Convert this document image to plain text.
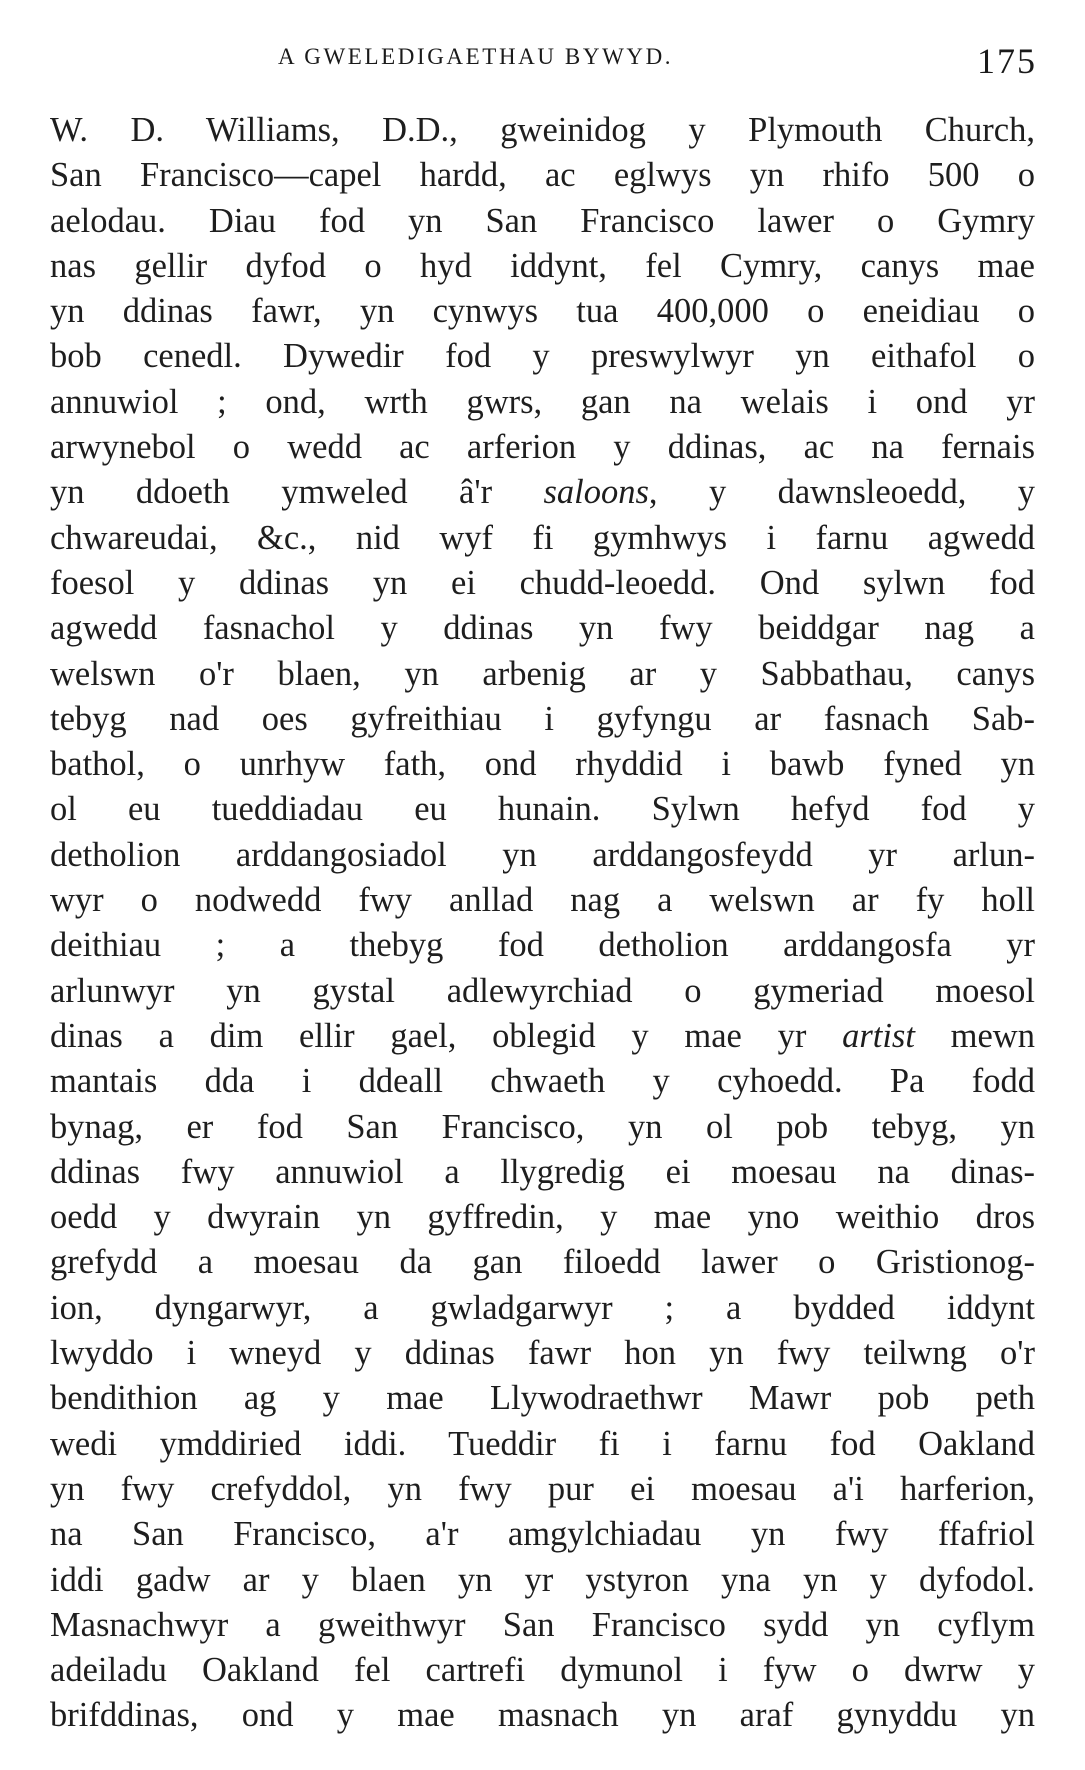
A GWELEDIGAETHAU BYWYD.	175
W. D. Williams, D.D., gweinidog y Plymouth Church,
San Francisco—capel hardd, ac eglwys yn rhifo 500 o
aelodau. Diau fod yn San Francisco lawer o Gymry
nas gellir dyfod o hyd iddynt, fel Cymry, canys mae
yn ddinas fawr, yn cynwys tua 400,000 o eneidiau o
bob cenedl. Dywedir fod y preswylwyr yn eithafol o
annuwiol ; ond, wrth gwrs, gan na welais i ond yr
arwynebol o wedd ac arferion y ddinas, ac na fernais
yn ddoeth ymweled â'r saloons, y dawnsleoedd, y
chwareudai, &c., nid wyf fi gymhwys i farnu agwedd
foesol y ddinas yn ei chudd-leoedd. Ond sylwn fod
agwedd fasnachol y ddinas yn fwy beiddgar nag a
welswn o'r blaen, yn arbenig ar y Sabbathau, canys
tebyg nad oes gyfreithiau i gyfyngu ar fasnach Sab-
bathol, o unrhyw fath, ond rhyddid i bawb fyned yn
ol eu tueddiadau eu hunain. Sylwn hefyd fod y
detholion arddangosiadol yn arddangosfeydd yr arlun-
wyr o nodwedd fwy anllad nag a welswn ar fy holl
deithiau ; a thebyg fod detholion arddangosfa yr
arlunwyr yn gystal adlewyrchiad o gymeriad moesol
dinas a dim ellir gael, oblegid y mae yr artist mewn
mantais dda i ddeall chwaeth y cyhoedd. Pa fodd
bynag, er fod San Francisco, yn ol pob tebyg, yn
ddinas fwy annuwiol a llygredig ei moesau na dinas-
oedd y dwyrain yn gyffredin, y mae yno weithio dros
grefydd a moesau da gan filoedd lawer o Gristionog-
ion, dyngarwyr, a gwladgarwyr ; a bydded iddynt
lwyddo i wneyd y ddinas fawr hon yn fwy teilwng o'r
bendithion ag y mae Llywodraethwr Mawr pob peth
wedi ymddiried iddi. Tueddir fi i farnu fod Oakland
yn fwy crefyddol, yn fwy pur ei moesau a'i harferion,
na San Francisco, a'r amgylchiadau yn fwy ffafriol
iddi gadw ar y blaen yn yr ystyron yna yn y dyfodol.
Masnachwyr a gweithwyr San Francisco sydd yn cyflym
adeiladu Oakland fel cartrefi dymunol i fyw o dwrw y
brifddinas, ond y mae masnach yn araf gynyddu yn
